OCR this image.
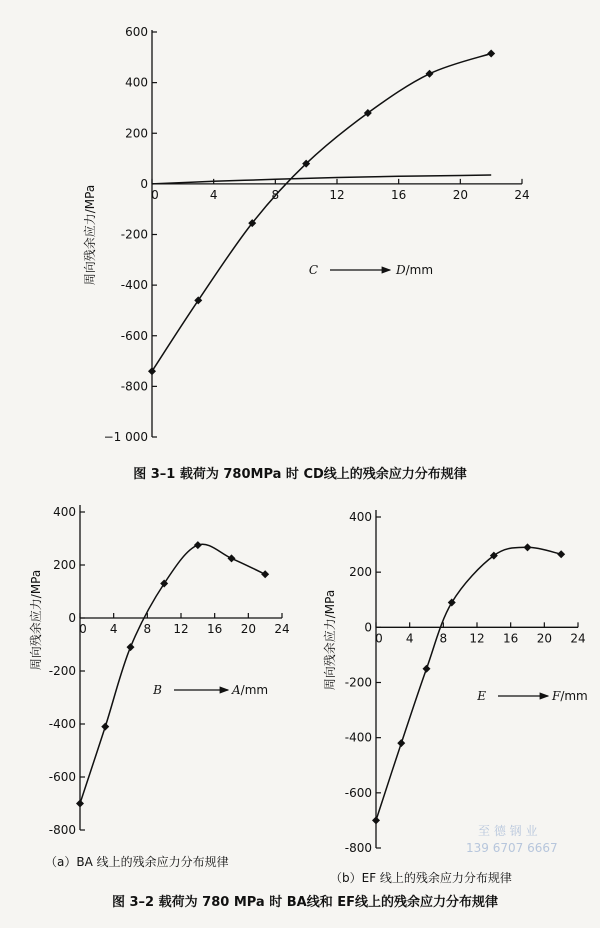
600
400
200
0
-200
-400
-600
-800
−1 000
0	4	8	12	16	20	24
周向残余应力/MPa	C	D/mm
400
200
0
-200
-400
-600
-800
0 4 8 12 16 20 24
周向残余应力/MPa
B	A/mm
400
200
0
-200
-400
-600
-800
0 4 8 12 16 20 24
周向残余应力/MPa
E	F/mm
图 3–1 载荷为 780MPa 时 CD线上的残余应力分布规律
（a）BA 线上的残余应力分布规律
（b）EF 线上的残余应力分布规律
图 3–2 载荷为 780 MPa 时 BA线和 EF线上的残余应力分布规律
至 德 钢 业
139 6707 6667
